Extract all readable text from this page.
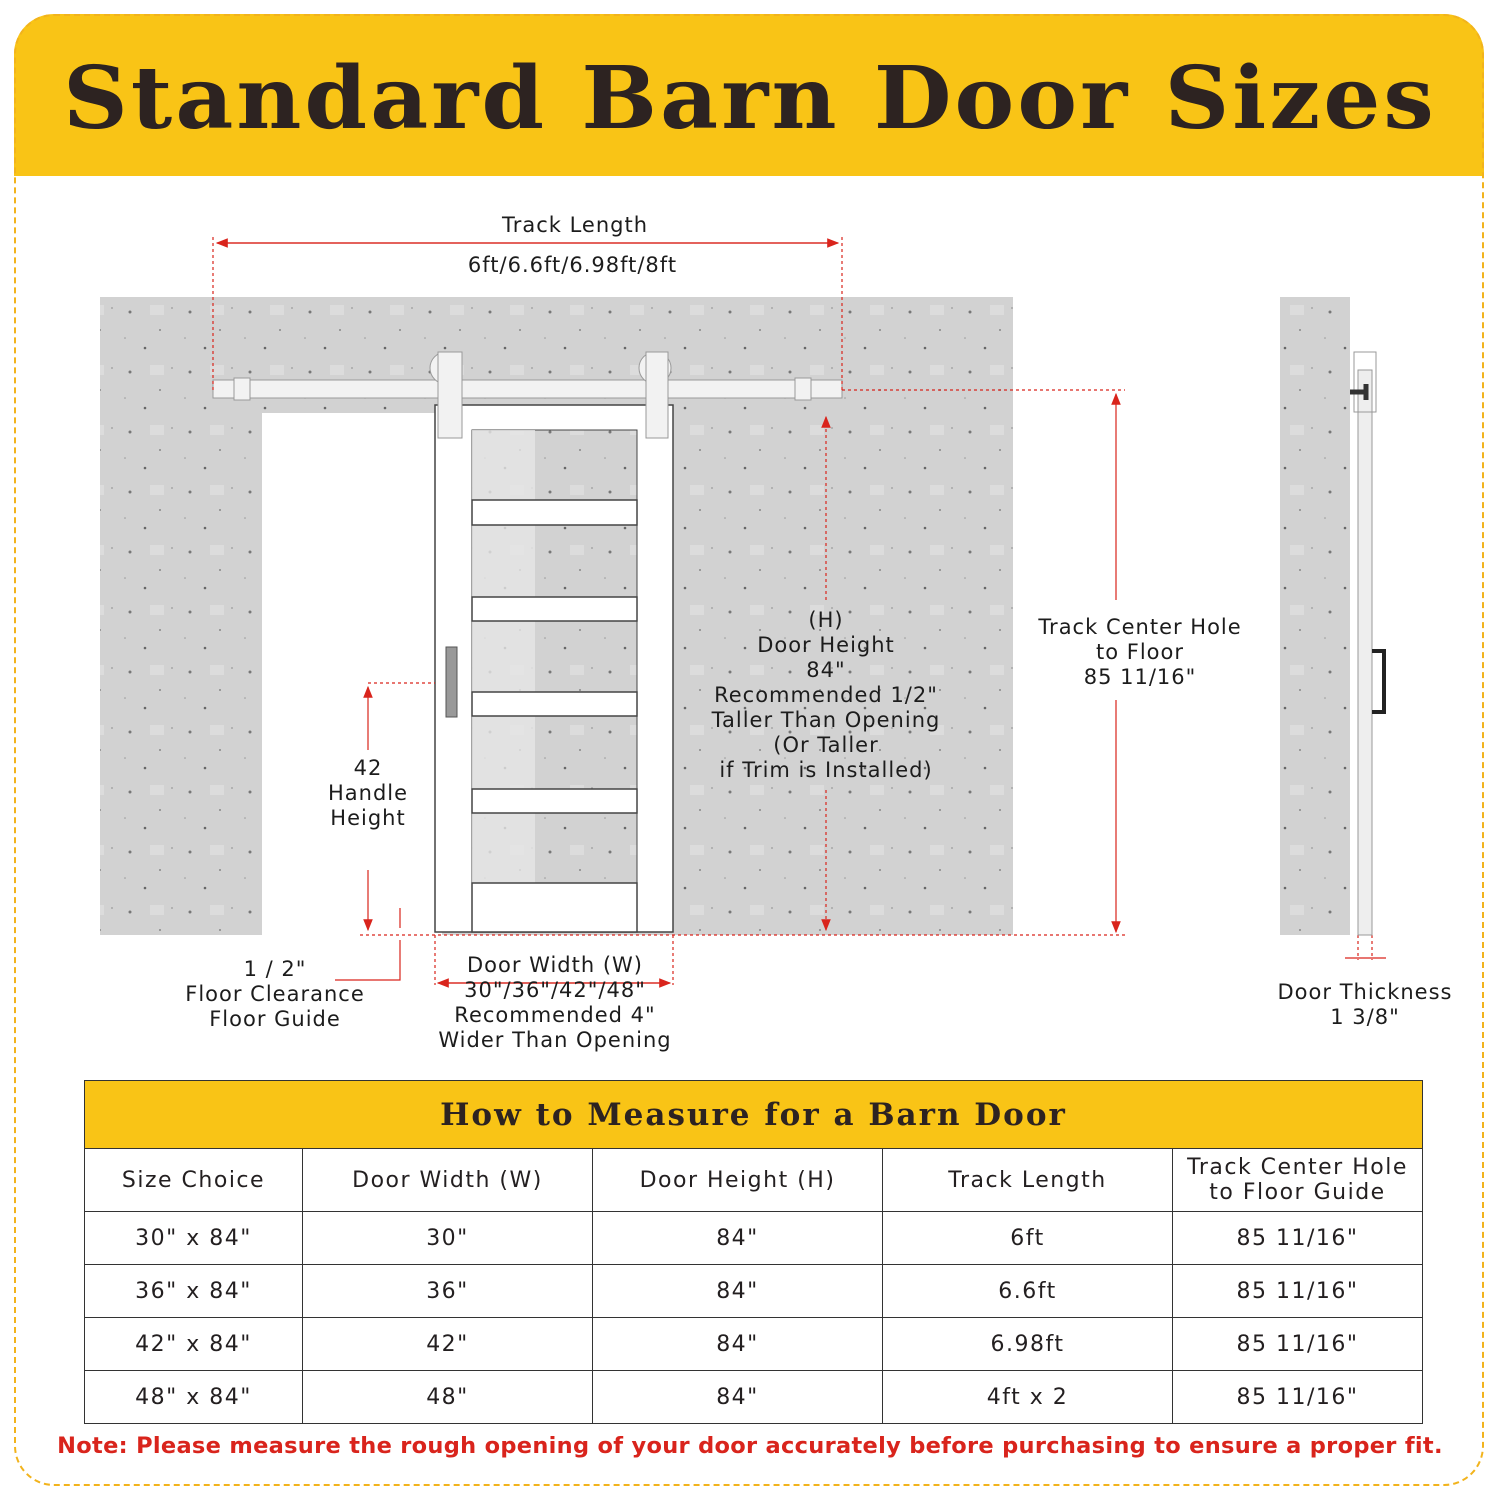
Standard Barn Door Sizes
Track Length
6ft/6.6ft/6.98ft/8ft
(H)
Door Height
84"
Recommended 1/2"
Taller Than Opening
(Or Taller
if Trim is Installed)
Track Center Hole
to Floor
85 11/16"
42
Handle
Height
1 / 2"
Floor Clearance
Floor Guide
Door Width (W)
30"/36"/42"/48"
Recommended 4"
Wider Than Opening
Door Thickness
1 3/8"
How to Measure for a Barn Door				
Size Choice	Door Width (W)	Door Height (H)	Track Length	Track Center Hole to Floor Guide
30" x 84"	30"	84"	6ft	85 11/16"
36" x 84"	36"	84"	6.6ft	85 11/16"
42" x 84"	42"	84"	6.98ft	85 11/16"
48" x 84"	48"	84"	4ft x 2	85 11/16"
Note: Please measure the rough opening of your door accurately before purchasing to ensure a proper fit.
